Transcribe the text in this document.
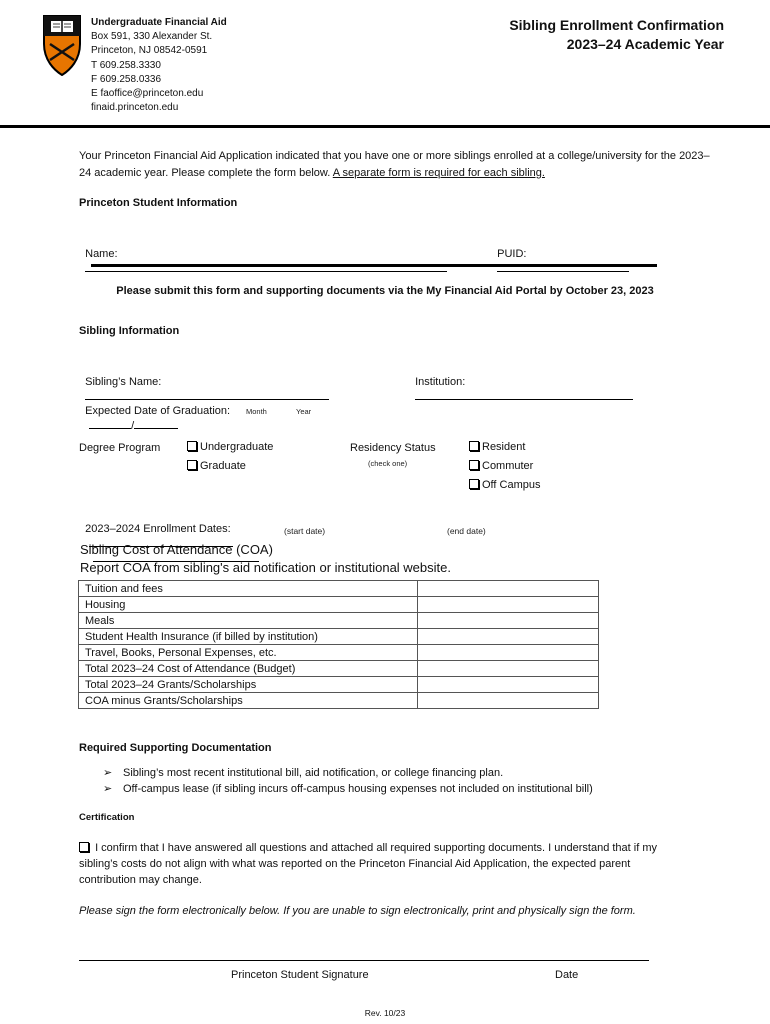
Undergraduate Financial Aid
Box 591, 330 Alexander St.
Princeton, NJ 08542-0591
T 609.258.3330
F 609.258.0336
E faoffice@princeton.edu
finaid.princeton.edu
Sibling Enrollment Confirmation
2023–24 Academic Year
Your Princeton Financial Aid Application indicated that you have one or more siblings enrolled at a college/university for the 2023–24 academic year. Please complete the form below. A separate form is required for each sibling.
Princeton Student Information

Name:
	PUID:

Please submit this form and supporting documents via the My Financial Aid Portal by October 23, 2023
Sibling Information

Sibling’s Name:
	Institution:

Expected Date of Graduation:
/

Month	Year
Degree Program	Undergraduate
Graduate
Residency Status
(check one)
Resident
Commuter
Off Campus

2023–2024 Enrollment Dates:

	(start date)	(end date)
Sibling Cost of Attendance (COA)
Report COA from sibling's aid notification or institutional website.
Tuition and fees	
Housing	
Meals	
Student Health Insurance (if billed by institution)	
Travel, Books, Personal Expenses, etc.	
Total 2023–24 Cost of Attendance (Budget)	
Total 2023–24 Grants/Scholarships	
COA minus Grants/Scholarships	
Required Supporting Documentation
➢ Sibling’s most recent institutional bill, aid notification, or college financing plan.
➢ Off-campus lease (if sibling incurs off-campus housing expenses not included on institutional bill)
Certification
I confirm that I have answered all questions and attached all required supporting documents. I understand that if my sibling’s costs do not align with what was reported on the Princeton Financial Aid Application, the expected parent contribution may change.
Please sign the form electronically below. If you are unable to sign electronically, print and physically sign the form.
Princeton Student Signature	Date
Rev. 10/23
